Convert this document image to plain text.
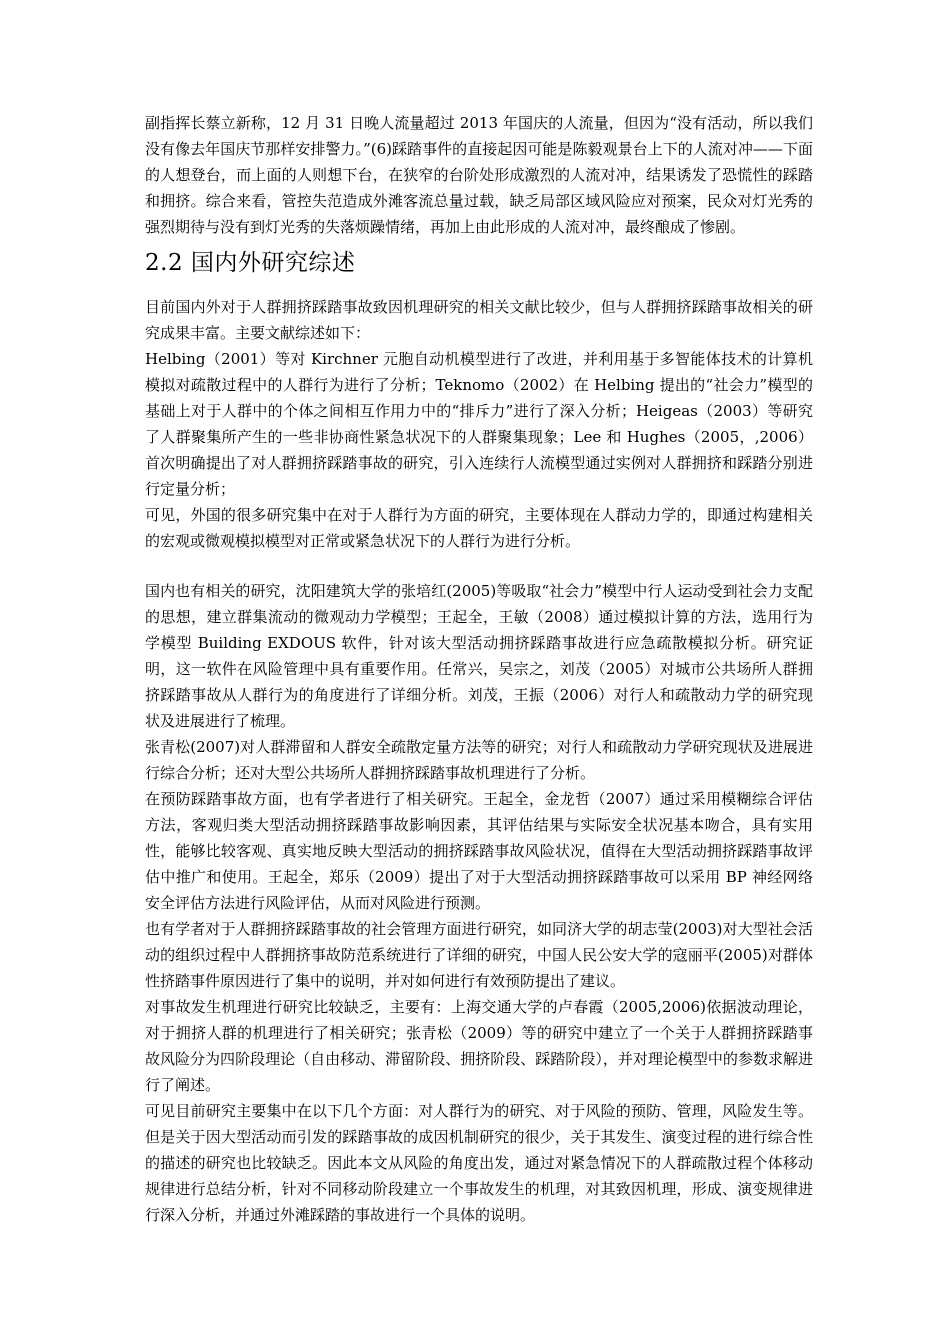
副指挥长蔡立新称，12 月 31 日晚人流量超过 2013 年国庆的人流量，但因为“没有活动，所以我们没有像去年国庆节那样安排警力。”(6)踩踏事件的直接起因可能是陈毅观景台上下的人流对冲——下面的人想登台，而上面的人则想下台，在狭窄的台阶处形成激烈的人流对冲，结果诱发了恐慌性的踩踏和拥挤。综合来看，管控失范造成外滩客流总量过载，缺乏局部区域风险应对预案，民众对灯光秀的强烈期待与没有到灯光秀的失落烦躁情绪，再加上由此形成的人流对冲，最终酿成了惨剧。

2.2 国内外研究综述

目前国内外对于人群拥挤踩踏事故致因机理研究的相关文献比较少，但与人群拥挤踩踏事故相关的研究成果丰富。主要文献综述如下：

Helbing（2001）等对 Kirchner 元胞自动机模型进行了改进，并利用基于多智能体技术的计算机模拟对疏散过程中的人群行为进行了分析；Teknomo（2002）在 Helbing 提出的“社会力”模型的基础上对于人群中的个体之间相互作用力中的“排斥力”进行了深入分析；Heigeas（2003）等研究了人群聚集所产生的一些非协商性紧急状况下的人群聚集现象；Lee 和 Hughes（2005，,2006）首次明确提出了对人群拥挤踩踏事故的研究，引入连续行人流模型通过实例对人群拥挤和踩踏分别进行定量分析；

可见，外国的很多研究集中在对于人群行为方面的研究，主要体现在人群动力学的，即通过构建相关的宏观或微观模拟模型对正常或紧急状况下的人群行为进行分析。

国内也有相关的研究，沈阳建筑大学的张培红(2005)等吸取“社会力”模型中行人运动受到社会力支配的思想，建立群集流动的微观动力学模型；王起全，王敏（2008）通过模拟计算的方法，选用行为学模型 Building EXDOUS 软件，针对该大型活动拥挤踩踏事故进行应急疏散模拟分析。研究证明，这一软件在风险管理中具有重要作用。任常兴，吴宗之，刘茂（2005）对城市公共场所人群拥挤踩踏事故从人群行为的角度进行了详细分析。刘茂，王振（2006）对行人和疏散动力学的研究现状及进展进行了梳理。

张青松(2007)对人群滞留和人群安全疏散定量方法等的研究；对行人和疏散动力学研究现状及进展进行综合分析；还对大型公共场所人群拥挤踩踏事故机理进行了分析。

在预防踩踏事故方面，也有学者进行了相关研究。王起全，金龙哲（2007）通过采用模糊综合评估方法，客观归类大型活动拥挤踩踏事故影响因素，其评估结果与实际安全状况基本吻合，具有实用性，能够比较客观、真实地反映大型活动的拥挤踩踏事故风险状况，值得在大型活动拥挤踩踏事故评估中推广和使用。王起全，郑乐（2009）提出了对于大型活动拥挤踩踏事故可以采用 BP 神经网络安全评估方法进行风险评估，从而对风险进行预测。

也有学者对于人群拥挤踩踏事故的社会管理方面进行研究，如同济大学的胡志莹(2003)对大型社会活动的组织过程中人群拥挤事故防范系统进行了详细的研究，中国人民公安大学的寇丽平(2005)对群体性挤踏事件原因进行了集中的说明，并对如何进行有效预防提出了建议。

对事故发生机理进行研究比较缺乏，主要有：上海交通大学的卢春霞（2005,2006)依据波动理论，对于拥挤人群的机理进行了相关研究；张青松（2009）等的研究中建立了一个关于人群拥挤踩踏事故风险分为四阶段理论（自由移动、滞留阶段、拥挤阶段、踩踏阶段），并对理论模型中的参数求解进行了阐述。

可见目前研究主要集中在以下几个方面：对人群行为的研究、对于风险的预防、管理，风险发生等。但是关于因大型活动而引发的踩踏事故的成因机制研究的很少，关于其发生、演变过程的进行综合性的描述的研究也比较缺乏。因此本文从风险的角度出发，通过对紧急情况下的人群疏散过程个体移动规律进行总结分析，针对不同移动阶段建立一个事故发生的机理，对其致因机理，形成、演变规律进行深入分析，并通过外滩踩踏的事故进行一个具体的说明。
